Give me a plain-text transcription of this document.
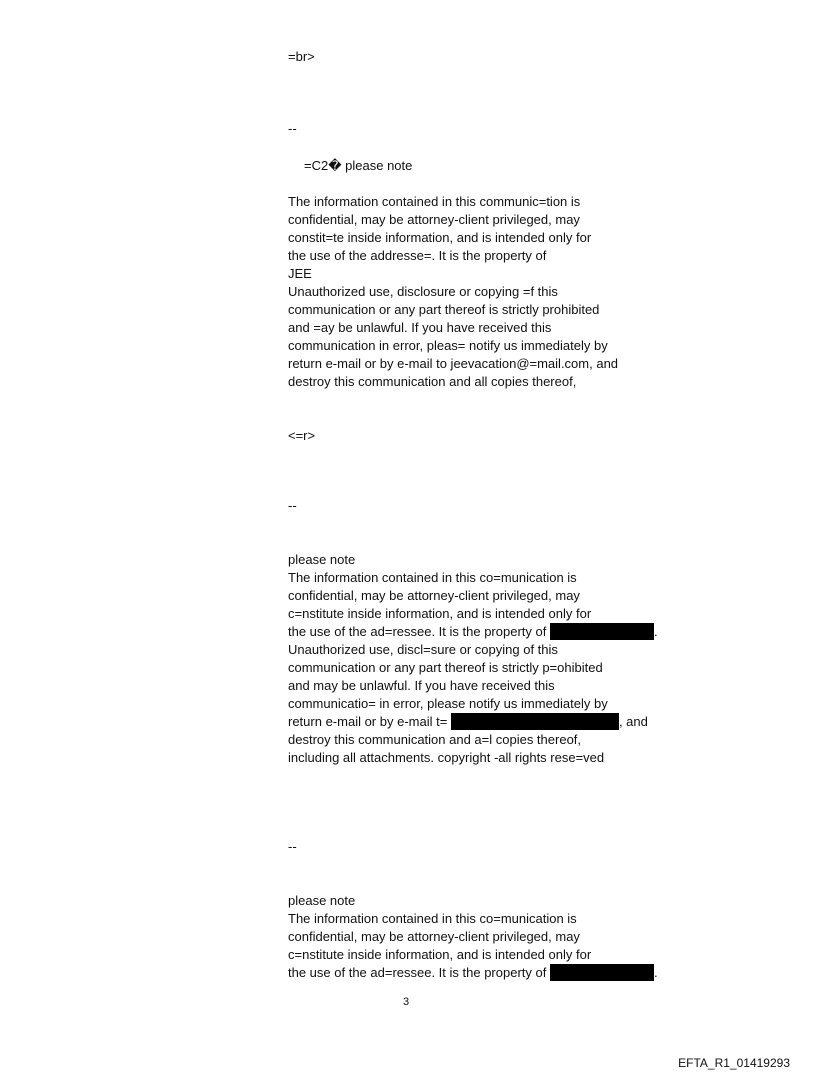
=br>
--
=C2� please note
The information contained in this communic=tion is
confidential, may be attorney-client privileged, may
constit=te inside information, and is intended only for
the use of the addresse=. It is the property of
JEE
Unauthorized use, disclosure or copying =f this
communication or any part thereof is strictly prohibited
and =ay be unlawful. If you have received this
communication in error, pleas= notify us immediately by
return e-mail or by e-mail to jeevacation@=mail.com, and
destroy this communication and all copies thereof,
<=r>
--
please note
The information contained in this co=munication is
confidential, may be attorney-client privileged, may
c=nstitute inside information, and is intended only for
the use of the ad=ressee. It is the property of	.
Unauthorized use, discl=sure or copying of this
communication or any part thereof is strictly p=ohibited
and may be unlawful. If you have received this
communicatio= in error, please notify us immediately by
return e-mail or by e-mail t=	, and
destroy this communication and a=l copies thereof,
including all attachments. copyright -all rights rese=ved
--
please note
The information contained in this co=munication is
confidential, may be attorney-client privileged, may
c=nstitute inside information, and is intended only for
the use of the ad=ressee. It is the property of	.
3
EFTA_R1_01419293
